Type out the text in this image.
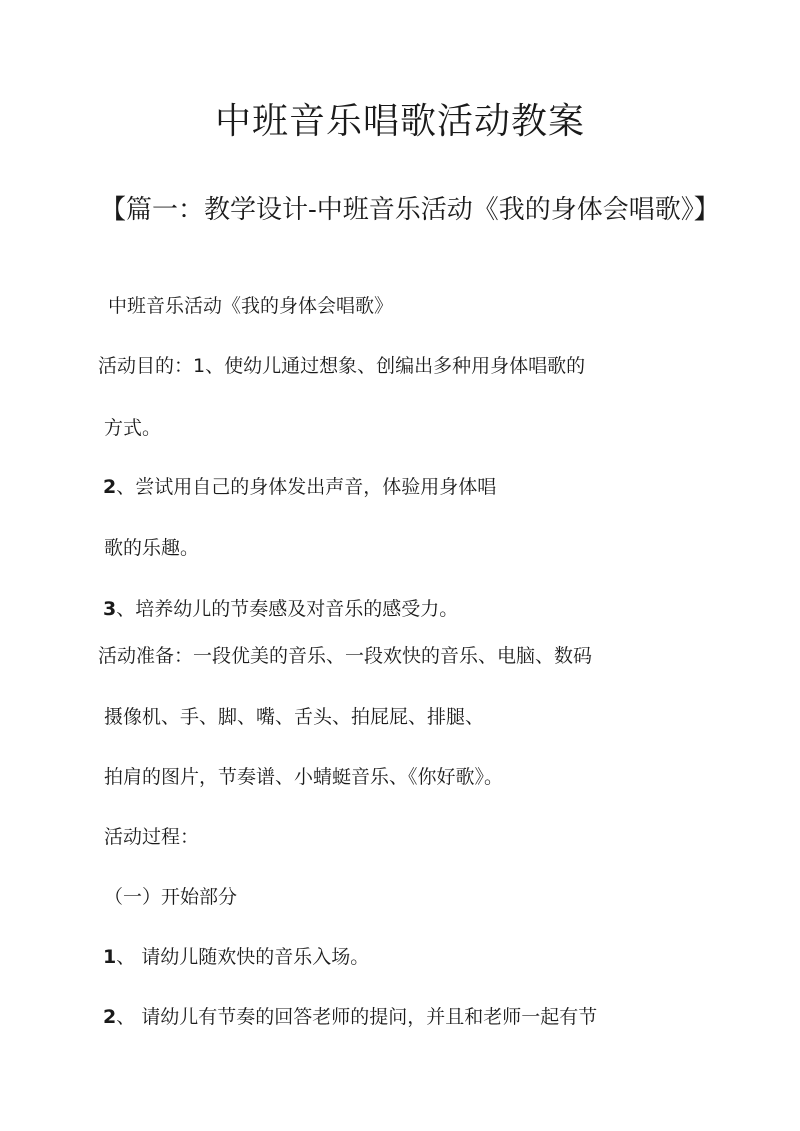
中班音乐唱歌活动教案
【篇一：教学设计-中班音乐活动《我的身体会唱歌》】
中班音乐活动《我的身体会唱歌》
活动目的：1、使幼儿通过想象、创编出多种用身体唱歌的
方式。
2、尝试用自己的身体发出声音，体验用身体唱
歌的乐趣。
3、培养幼儿的节奏感及对音乐的感受力。
活动准备：一段优美的音乐、一段欢快的音乐、电脑、数码
摄像机、手、脚、嘴、舌头、拍屁屁、排腿、
拍肩的图片，节奏谱、小蜻蜓音乐、《你好歌》。
活动过程：
（一）开始部分
1、 请幼儿随欢快的音乐入场。
2、 请幼儿有节奏的回答老师的提问，并且和老师一起有节
